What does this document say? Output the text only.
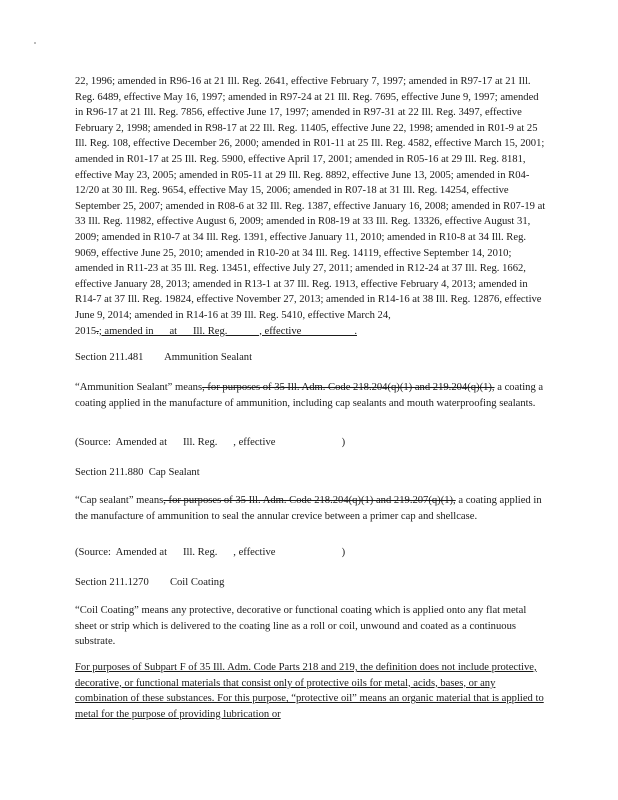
22, 1996; amended in R96-16 at 21 Ill. Reg. 2641, effective February 7, 1997; amended in R97-17 at 21 Ill. Reg. 6489, effective May 16, 1997; amended in R97-24 at 21 Ill. Reg. 7695, effective June 9, 1997; amended in R96-17 at 21 Ill. Reg. 7856, effective June 17, 1997; amended in R97-31 at 22 Ill. Reg. 3497, effective February 2, 1998; amended in R98-17 at 22 Ill. Reg. 11405, effective June 22, 1998; amended in R01-9 at 25 Ill. Reg. 108, effective December 26, 2000; amended in R01-11 at 25 Ill. Reg. 4582, effective March 15, 2001; amended in R01-17 at 25 Ill. Reg. 5900, effective April 17, 2001; amended in R05-16 at 29 Ill. Reg. 8181, effective May 23, 2005; amended in R05-11 at 29 Ill. Reg. 8892, effective June 13, 2005; amended in R04-12/20 at 30 Ill. Reg. 9654, effective May 15, 2006; amended in R07-18 at 31 Ill. Reg. 14254, effective September 25, 2007; amended in R08-6 at 32 Ill. Reg. 1387, effective January 16, 2008; amended in R07-19 at 33 Ill. Reg. 11982, effective August 6, 2009; amended in R08-19 at 33 Ill. Reg. 13326, effective August 31, 2009; amended in R10-7 at 34 Ill. Reg. 1391, effective January 11, 2010; amended in R10-8 at 34 Ill. Reg. 9069, effective June 25, 2010; amended in R10-20 at 34 Ill. Reg. 14119, effective September 14, 2010; amended in R11-23 at 35 Ill. Reg. 13451, effective July 27, 2011; amended in R12-24 at 37 Ill. Reg. 1662, effective January 28, 2013; amended in R13-1 at 37 Ill. Reg. 1913, effective February 4, 2013; amended in R14-7 at 37 Ill. Reg. 19824, effective November 27, 2013; amended in R14-16 at 38 Ill. Reg. 12876, effective June 9, 2014; amended in R14-16 at 39 Ill. Reg. 5410, effective March 24, 2015.; amended in      at      Ill. Reg.            , effective                    .
Section 211.481        Ammunition Sealant
“Ammunition Sealant” means, for purposes of 35 Ill. Adm. Code 218.204(q)(1) and 219.204(q)(1), a coating a coating applied in the manufacture of ammunition, including cap sealants and mouth waterproofing sealants.
(Source:  Amended at      Ill. Reg.      , effective                         )
Section 211.880  Cap Sealant
“Cap sealant” means, for purposes of 35 Ill. Adm. Code 218.204(q)(1) and 219.207(q)(1), a coating applied in the manufacture of ammunition to seal the annular crevice between a primer cap and shellcase.
(Source:  Amended at      Ill. Reg.      , effective                         )
Section 211.1270        Coil Coating
“Coil Coating” means any protective, decorative or functional coating which is applied onto any flat metal sheet or strip which is delivered to the coating line as a roll or coil, unwound and coated as a continuous substrate.
For purposes of Subpart F of 35 Ill. Adm. Code Parts 218 and 219, the definition does not include protective, decorative, or functional materials that consist only of protective oils for metal, acids, bases, or any combination of these substances. For this purpose, “protective oil” means an organic material that is applied to metal for the purpose of providing lubrication or
